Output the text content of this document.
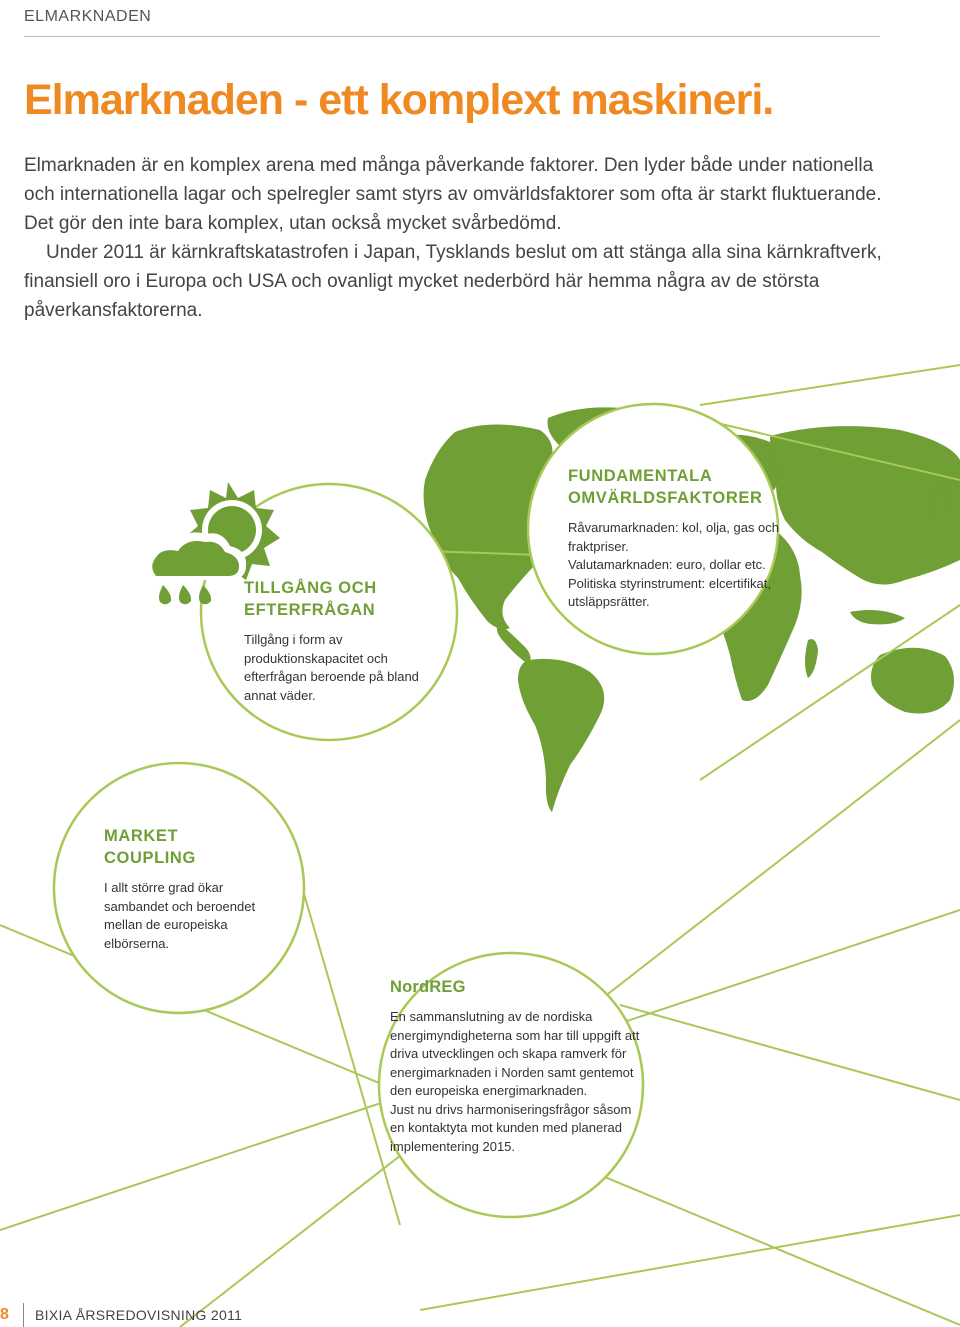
ELMARKNADEN
Elmarknaden - ett komplext maskineri.

Elmarknaden är en komplex arena med många påverkande faktorer. Den lyder både under nationella och internationella lagar och spelregler samt styrs av omvärldsfaktorer som ofta är starkt fluktuerande. Det gör den inte bara komplex, utan också mycket svårbedömd.
Under 2011 är kärnkraftskatastrofen i Japan, Tysklands beslut om att stänga alla sina kärnkraftverk, finansiell oro i Europa och USA och ovanligt mycket nederbörd här hemma några av de största påverkansfaktorerna.

TILLGÅNG OCH
EFTERFRÅGAN

Tillgång i form av produktionskapacitet och efterfrågan beroende på bland annat väder.

FUNDAMENTALA
OMVÄRLDSFAKTORER

Råvarumarknaden: kol, olja, gas och fraktpriser.

Valutamarknaden: euro, dollar etc.

Politiska styrinstrument: elcertifikat, utsläppsrätter.

MARKET
COUPLING

I allt större grad ökar sambandet och beroendet mellan de europeiska elbörserna.

NordREG

En sammanslutning av de nordiska energimyndigheterna som har till uppgift att driva utvecklingen och skapa ramverk för energimarknaden i Norden samt gentemot den europeiska energimarknaden.

Just nu drivs harmoniseringsfrågor såsom en kontaktyta mot kunden med planerad implementering 2015.

8 BIXIA ÅRSREDOVISNING 2011
